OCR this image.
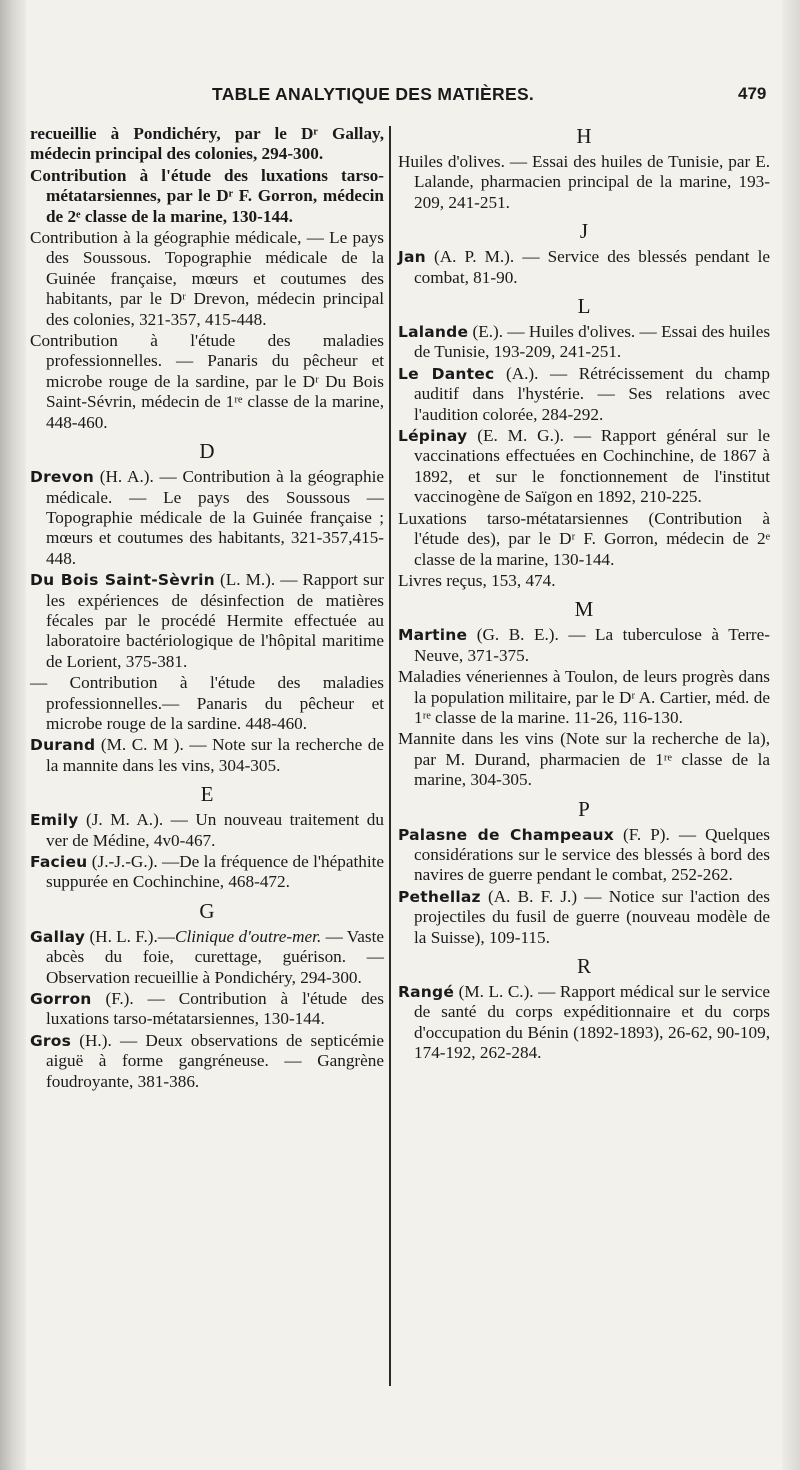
TABLE ANALYTIQUE DES MATIÈRES.	479

recueillie à Pondichéry, par le Dʳ Gallay, médecin principal des colonies, 294-300.

Contribution à l'étude des luxations tarso-métatarsiennes, par le Dʳ F. Gorron, médecin de 2ᵉ classe de la marine, 130-144.

Contribution à la géographie médicale, — Le pays des Soussous. Topographie médicale de la Guinée française, mœurs et coutumes des habitants, par le Dʳ Drevon, médecin principal des colonies, 321-357, 415-448.

Contribution à l'étude des maladies professionnelles. — Panaris du pêcheur et microbe rouge de la sardine, par le Dʳ Du Bois Saint-Sévrin, médecin de 1ʳᵉ classe de la marine, 448-460.

D

Drevon (H. A.). — Contribution à la géographie médicale. — Le pays des Soussous — Topographie médicale de la Guinée française ; mœurs et coutumes des habitants, 321-357,415-448.

Du Bois Saint-Sèvrin (L. M.). — Rapport sur les expériences de désinfection de matières fécales par le procédé Hermite effectuée au laboratoire bactériologique de l'hôpital maritime de Lorient, 375-381.

— Contribution à l'étude des maladies professionnelles.— Panaris du pêcheur et microbe rouge de la sardine. 448-460.

Durand (M. C. M ). — Note sur la recherche de la mannite dans les vins, 304-305.

E

Emily (J. M. A.). — Un nouveau traitement du ver de Médine, 4v0-467.

Facieu (J.-J.-G.). —De la fréquence de l'hépathite suppurée en Cochinchine, 468-472.

G

Gallay (H. L. F.).—Clinique d'outre-mer. — Vaste abcès du foie, curettage, guérison. — Observation recueillie à Pondichéry, 294-300.

Gorron (F.). — Contribution à l'étude des luxations tarso-métatarsiennes, 130-144.

Gros (H.). — Deux observations de septicémie aiguë à forme gangréneuse. — Gangrène foudroyante, 381-386.

H

Huiles d'olives. — Essai des huiles de Tunisie, par E. Lalande, pharmacien principal de la marine, 193-209, 241-251.

J

Jan (A. P. M.). — Service des blessés pendant le combat, 81-90.

L

Lalande (E.). — Huiles d'olives. — Essai des huiles de Tunisie, 193-209, 241-251.

Le Dantec (A.). — Rétrécissement du champ auditif dans l'hystérie. — Ses relations avec l'audition colorée, 284-292.

Lépinay (E. M. G.). — Rapport général sur le vaccinations effectuées en Cochinchine, de 1867 à 1892, et sur le fonctionnement de l'institut vaccinogène de Saïgon en 1892, 210-225.

Luxations tarso-métatarsiennes (Contribution à l'étude des), par le Dʳ F. Gorron, médecin de 2ᵉ classe de la marine, 130-144.

Livres reçus, 153, 474.

M

Martine (G. B. E.). — La tuberculose à Terre-Neuve, 371-375.

Maladies véneriennes à Toulon, de leurs progrès dans la population militaire, par le Dʳ A. Cartier, méd. de 1ʳᵉ classe de la marine. 11-26, 116-130.

Mannite dans les vins (Note sur la recherche de la), par M. Durand, pharmacien de 1ʳᵉ classe de la marine, 304-305.

P

Palasne de Champeaux (F. P). — Quelques considérations sur le service des blessés à bord des navires de guerre pendant le combat, 252-262.

Pethellaz (A. B. F. J.) — Notice sur l'action des projectiles du fusil de guerre (nouveau modèle de la Suisse), 109-115.

R

Rangé (M. L. C.). — Rapport médical sur le service de santé du corps expéditionnaire et du corps d'occupation du Bénin (1892-1893), 26-62, 90-109, 174-192, 262-284.
